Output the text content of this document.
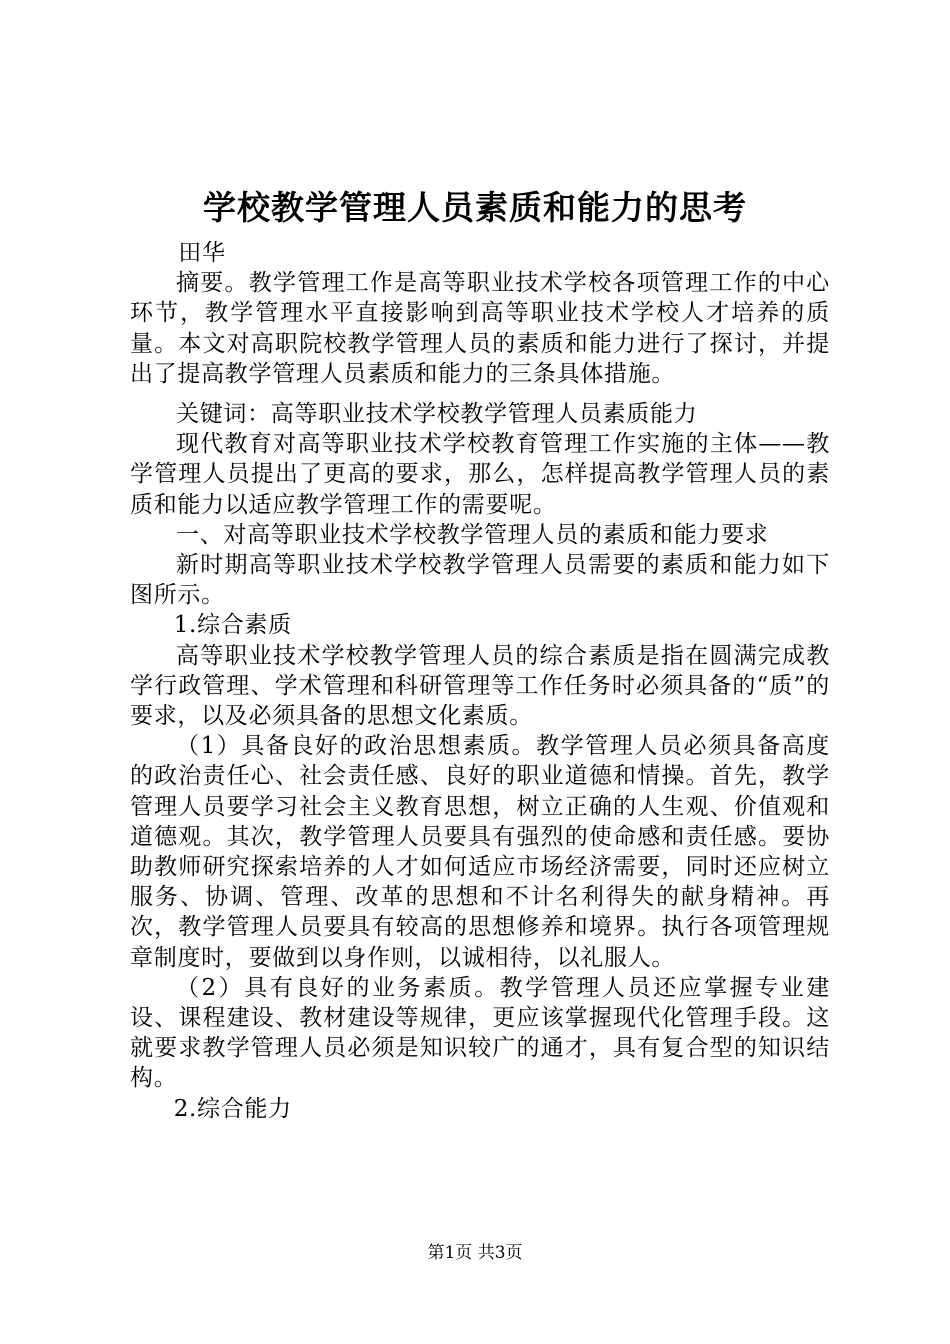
学校教学管理人员素质和能力的思考

田华

摘要。教学管理工作是高等职业技术学校各项管理工作的中心环节，教学管理水平直接影响到高等职业技术学校人才培养的质量。本文对高职院校教学管理人员的素质和能力进行了探讨，并提出了提高教学管理人员素质和能力的三条具体措施。

关键词：高等职业技术学校教学管理人员素质能力

现代教育对高等职业技术学校教育管理工作实施的主体——教学管理人员提出了更高的要求，那么，怎样提高教学管理人员的素质和能力以适应教学管理工作的需要呢。

一、对高等职业技术学校教学管理人员的素质和能力要求

新时期高等职业技术学校教学管理人员需要的素质和能力如下图所示。

1.综合素质

高等职业技术学校教学管理人员的综合素质是指在圆满完成教学行政管理、学术管理和科研管理等工作任务时必须具备的“质”的要求，以及必须具备的思想文化素质。

（1）具备良好的政治思想素质。教学管理人员必须具备高度的政治责任心、社会责任感、良好的职业道德和情操。首先，教学管理人员要学习社会主义教育思想，树立正确的人生观、价值观和道德观。其次，教学管理人员要具有强烈的使命感和责任感。要协助教师研究探索培养的人才如何适应市场经济需要，同时还应树立服务、协调、管理、改革的思想和不计名利得失的献身精神。再次，教学管理人员要具有较高的思想修养和境界。执行各项管理规章制度时，要做到以身作则，以诚相待，以礼服人。

（2）具有良好的业务素质。教学管理人员还应掌握专业建设、课程建设、教材建设等规律，更应该掌握现代化管理手段。这就要求教学管理人员必须是知识较广的通才，具有复合型的知识结构。

2.综合能力

第1页 共3页
